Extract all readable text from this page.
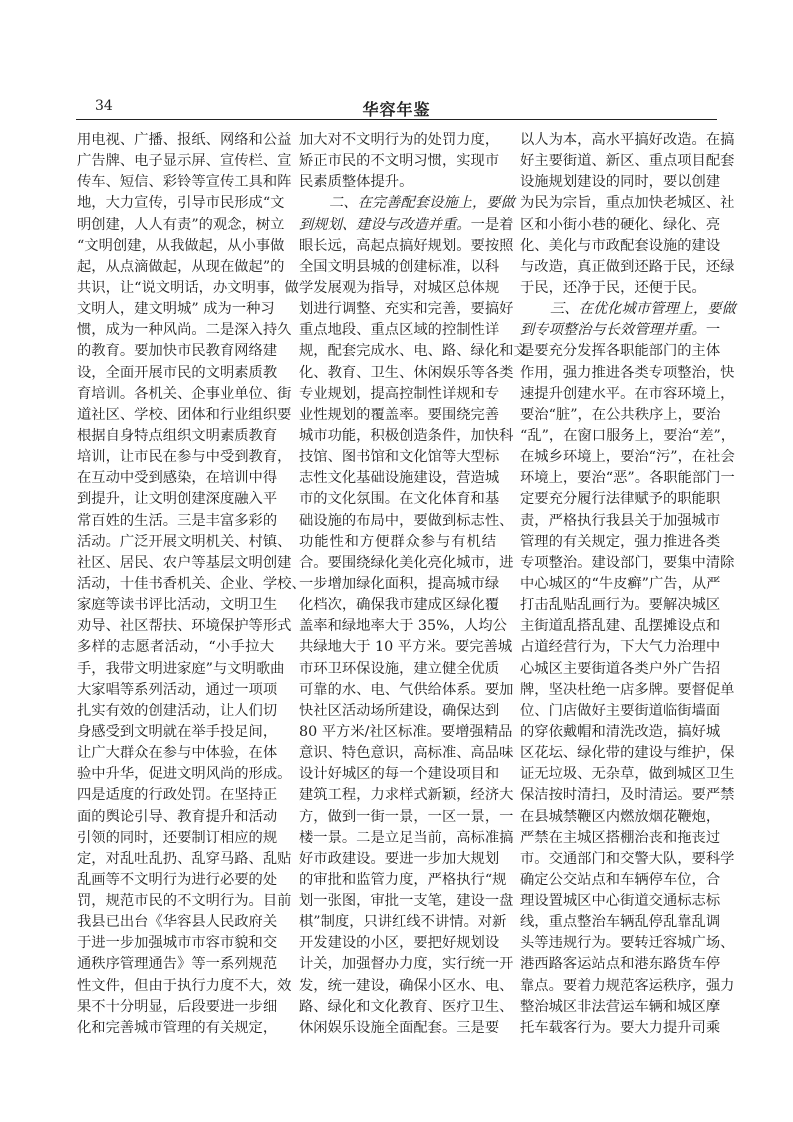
34	华容年鉴
用电视、广播、报纸、网络和公益
广告牌、电子显示屏、宣传栏、宣
传车、短信、彩铃等宣传工具和阵
地，大力宣传，引导市民形成“文
明创建，人人有责”的观念，树立
“文明创建，从我做起，从小事做
起，从点滴做起，从现在做起”的
共识，让“说文明话，办文明事，做
文明人，建文明城” 成为一种习
惯，成为一种风尚。二是深入持久
的教育。要加快市民教育网络建
设，全面开展市民的文明素质教
育培训。各机关、企事业单位、街
道社区、学校、团体和行业组织要
根据自身特点组织文明素质教育
培训，让市民在参与中受到教育，
在互动中受到感染，在培训中得
到提升，让文明创建深度融入平
常百姓的生活。三是丰富多彩的
活动。广泛开展文明机关、村镇、
社区、居民、农户等基层文明创建
活动，十佳书香机关、企业、学校、
家庭等读书评比活动，文明卫生
劝导、社区帮扶、环境保护等形式
多样的志愿者活动，“小手拉大
手，我带文明进家庭”与文明歌曲
大家唱等系列活动，通过一项项
扎实有效的创建活动，让人们切
身感受到文明就在举手投足间，
让广大群众在参与中体验，在体
验中升华，促进文明风尚的形成。
四是适度的行政处罚。在坚持正
面的舆论引导、教育提升和活动
引领的同时，还要制订相应的规
定，对乱吐乱扔、乱穿马路、乱贴
乱画等不文明行为进行必要的处
罚，规范市民的不文明行为。目前
我县已出台《华容县人民政府关
于进一步加强城市市容市貌和交
通秩序管理通告》等一系列规范
性文件，但由于执行力度不大，效
果不十分明显，后段要进一步细
化和完善城市管理的有关规定，
加大对不文明行为的处罚力度，
矫正市民的不文明习惯，实现市
民素质整体提升。
二、在完善配套设施上，要做
到规划、建设与改造并重。一是着
眼长远，高起点搞好规划。要按照
全国文明县城的创建标准，以科
学发展观为指导，对城区总体规
划进行调整、充实和完善，要搞好
重点地段、重点区域的控制性详
规，配套完成水、电、路、绿化和文
化、教育、卫生、休闲娱乐等各类
专业规划，提高控制性详规和专
业性规划的覆盖率。要围绕完善
城市功能，积极创造条件，加快科
技馆、图书馆和文化馆等大型标
志性文化基础设施建设，营造城
市的文化氛围。在文化体育和基
础设施的布局中，要做到标志性、
功能性和方便群众参与有机结
合。要围绕绿化美化亮化城市，进
一步增加绿化面积，提高城市绿
化档次，确保我市建成区绿化覆
盖率和绿地率大于 35%，人均公
共绿地大于 10 平方米。要完善城
市环卫环保设施，建立健全优质
可靠的水、电、气供给体系。要加
快社区活动场所建设，确保达到
80 平方米/社区标准。要增强精品
意识、特色意识，高标准、高品味
设计好城区的每一个建设项目和
建筑工程，力求样式新颖，经济大
方，做到一街一景，一区一景，一
楼一景。二是立足当前，高标准搞
好市政建设。要进一步加大规划
的审批和监管力度，严格执行“规
划一张图，审批一支笔，建设一盘
棋”制度，只讲红线不讲情。对新
开发建设的小区，要把好规划设
计关，加强督办力度，实行统一开
发，统一建设，确保小区水、电、
路、绿化和文化教育、医疗卫生、
休闲娱乐设施全面配套。三是要
以人为本，高水平搞好改造。在搞
好主要街道、新区、重点项目配套
设施规划建设的同时，要以创建
为民为宗旨，重点加快老城区、社
区和小街小巷的硬化、绿化、亮
化、美化与市政配套设施的建设
与改造，真正做到还路于民，还绿
于民，还净于民，还便于民。
三、在优化城市管理上，要做
到专项整治与长效管理并重。一
是要充分发挥各职能部门的主体
作用，强力推进各类专项整治，快
速提升创建水平。在市容环境上，
要治“脏”，在公共秩序上，要治
“乱”，在窗口服务上，要治“差”，
在城乡环境上，要治“污”，在社会
环境上，要治“恶”。各职能部门一
定要充分履行法律赋予的职能职
责，严格执行我县关于加强城市
管理的有关规定，强力推进各类
专项整治。建设部门，要集中清除
中心城区的“牛皮癣”广告，从严
打击乱贴乱画行为。要解决城区
主街道乱搭乱建、乱摆摊设点和
占道经营行为，下大气力治理中
心城区主要街道各类户外广告招
牌，坚决杜绝一店多牌。要督促单
位、门店做好主要街道临街墙面
的穿依戴帽和清洗改造，搞好城
区花坛、绿化带的建设与维护，保
证无垃圾、无杂草，做到城区卫生
保洁按时清扫，及时清运。要严禁
在县城禁鞭区内燃放烟花鞭炮，
严禁在主城区搭棚治丧和拖丧过
市。交通部门和交警大队，要科学
确定公交站点和车辆停车位，合
理设置城区中心街道交通标志标
线，重点整治车辆乱停乱靠乱调
头等违规行为。要转迁容城广场、
港西路客运站点和港东路货车停
靠点。要着力规范客运秩序，强力
整治城区非法营运车辆和城区摩
托车载客行为。要大力提升司乘
